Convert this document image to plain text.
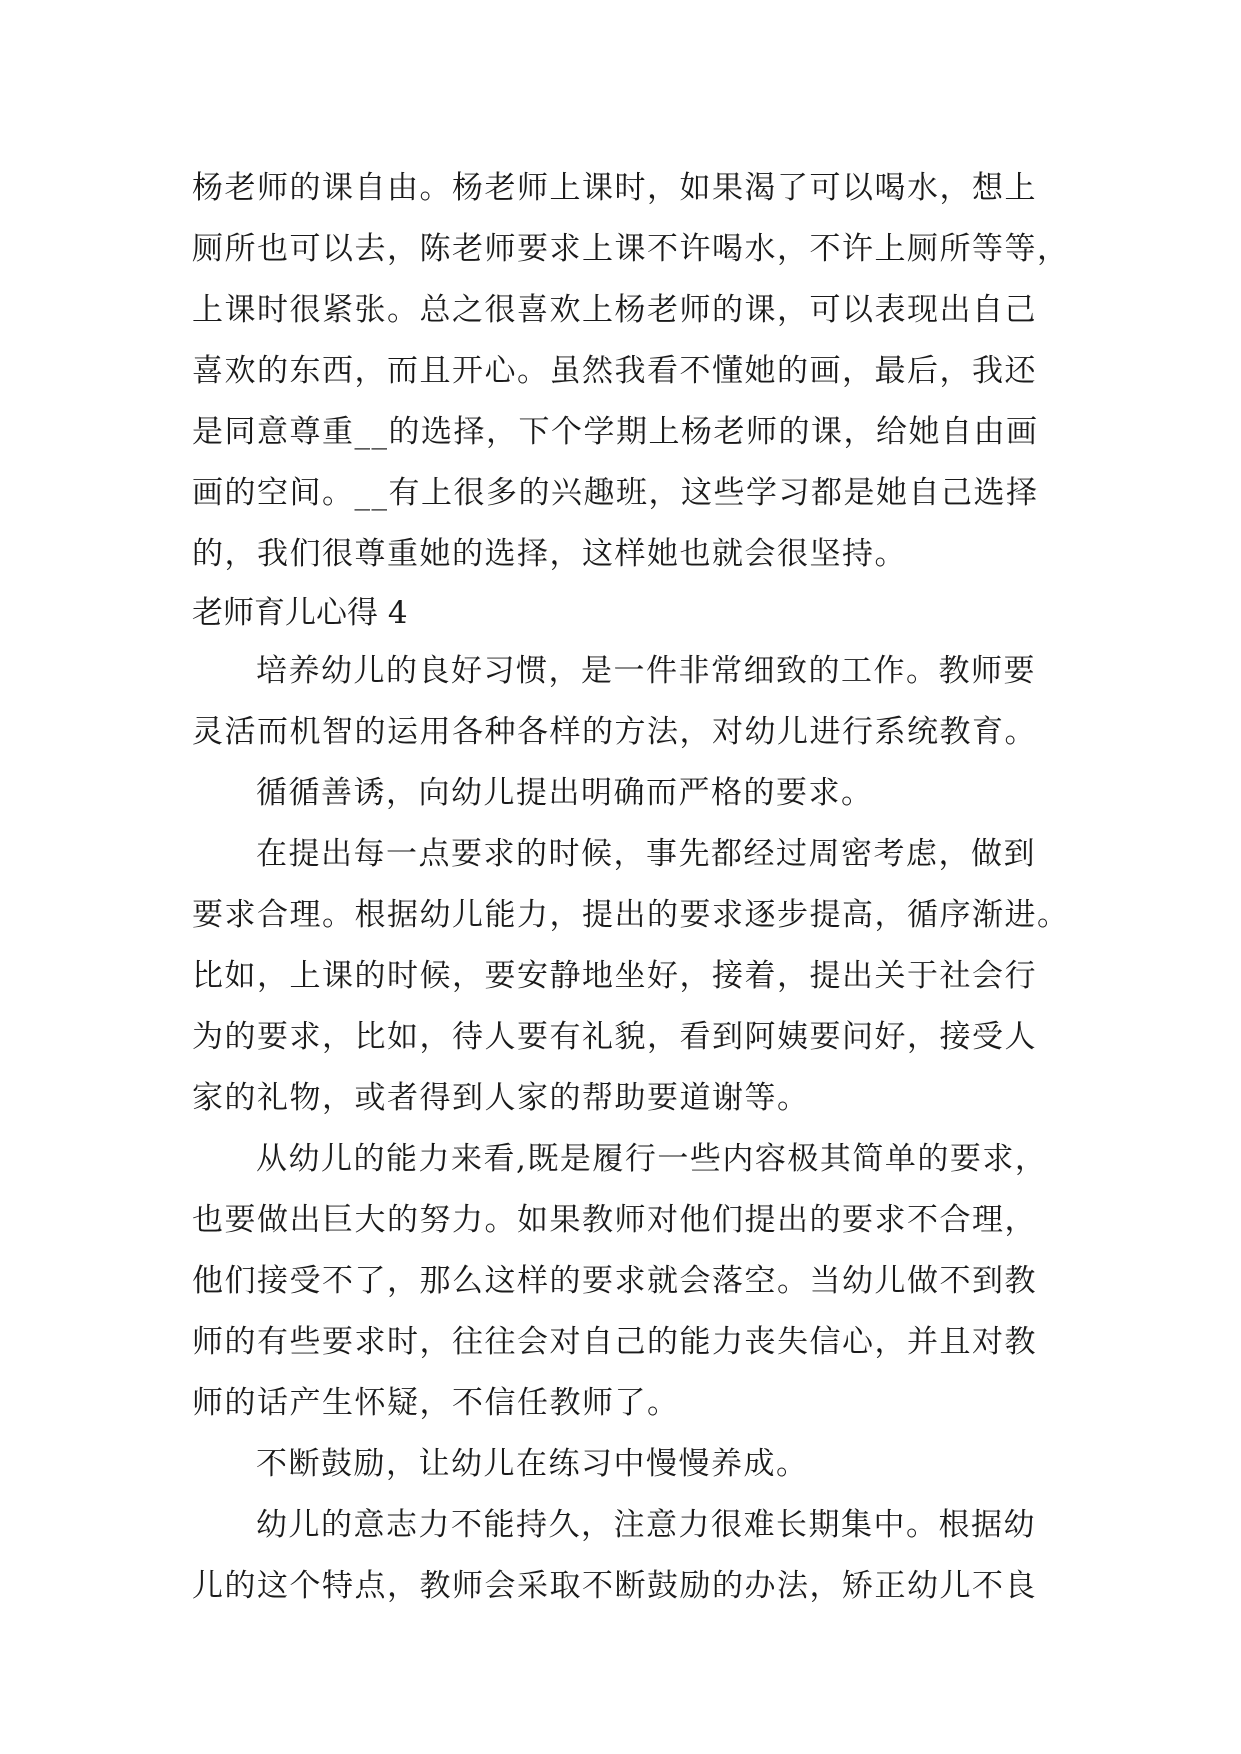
杨老师的课自由。杨老师上课时，如果渴了可以喝水，想上
厕所也可以去，陈老师要求上课不许喝水，不许上厕所等等，
上课时很紧张。总之很喜欢上杨老师的课，可以表现出自己
喜欢的东西，而且开心。虽然我看不懂她的画，最后，我还
是同意尊重__的选择，下个学期上杨老师的课，给她自由画
画的空间。__有上很多的兴趣班，这些学习都是她自己选择
的，我们很尊重她的选择，这样她也就会很坚持。
老师育儿心得 4
培养幼儿的良好习惯，是一件非常细致的工作。教师要
灵活而机智的运用各种各样的方法，对幼儿进行系统教育。
循循善诱，向幼儿提出明确而严格的要求。
在提出每一点要求的时候，事先都经过周密考虑，做到
要求合理。根据幼儿能力，提出的要求逐步提高，循序渐进。
比如，上课的时候，要安静地坐好，接着，提出关于社会行
为的要求，比如，待人要有礼貌，看到阿姨要问好，接受人
家的礼物，或者得到人家的帮助要道谢等。
从幼儿的能力来看,既是履行一些内容极其简单的要求，
也要做出巨大的努力。如果教师对他们提出的要求不合理，
他们接受不了，那么这样的要求就会落空。当幼儿做不到教
师的有些要求时，往往会对自己的能力丧失信心，并且对教
师的话产生怀疑，不信任教师了。
不断鼓励，让幼儿在练习中慢慢养成。
幼儿的意志力不能持久，注意力很难长期集中。根据幼
儿的这个特点，教师会采取不断鼓励的办法，矫正幼儿不良
